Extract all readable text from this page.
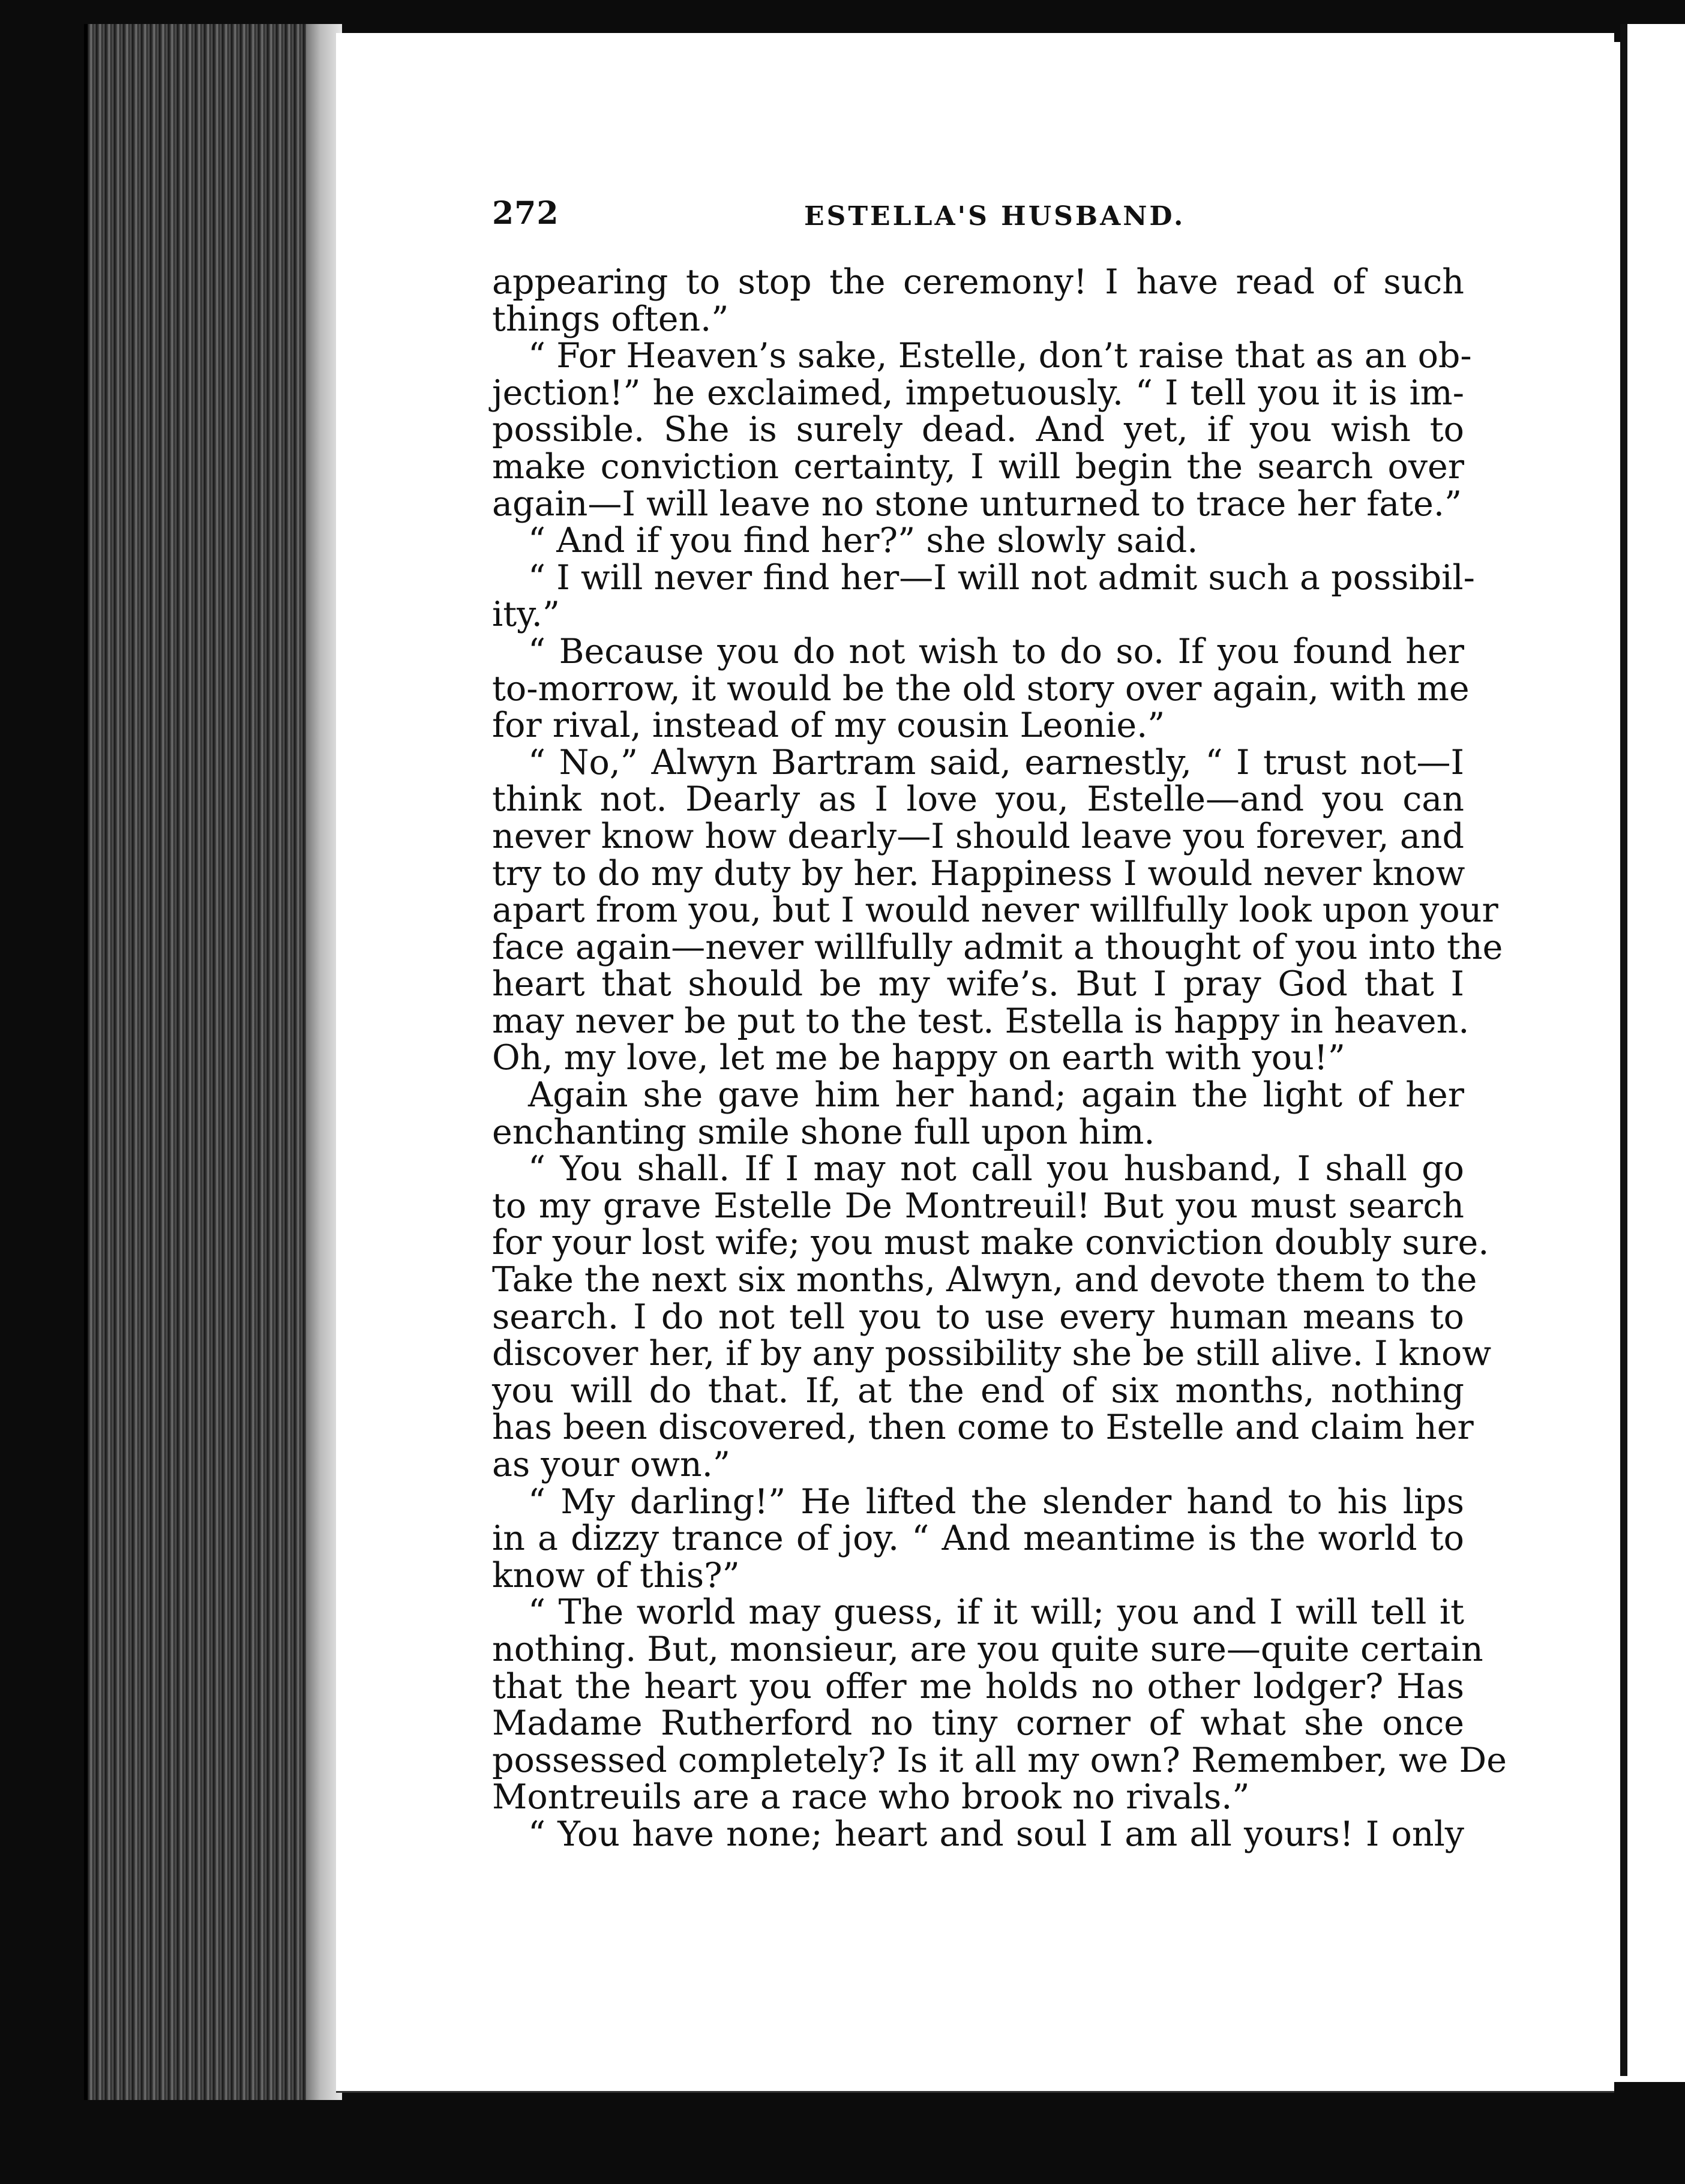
272	ESTELLA'S HUSBAND.
appearing to stop the ceremony! I have read of such
things often.”
“ For Heaven’s sake, Estelle, don’t raise that as an ob-
jection!” he exclaimed, impetuously. “ I tell you it is im-
possible. She is surely dead. And yet, if you wish to
make conviction certainty, I will begin the search over
again—I will leave no stone unturned to trace her fate.”
“ And if you find her?” she slowly said.
“ I will never find her—I will not admit such a possibil-
ity.”
“ Because you do not wish to do so. If you found her
to-morrow, it would be the old story over again, with me
for rival, instead of my cousin Leonie.”
“ No,” Alwyn Bartram said, earnestly, “ I trust not—I
think not. Dearly as I love you, Estelle—and you can
never know how dearly—I should leave you forever, and
try to do my duty by her. Happiness I would never know
apart from you, but I would never willfully look upon your
face again—never willfully admit a thought of you into the
heart that should be my wife’s. But I pray God that I
may never be put to the test. Estella is happy in heaven.
Oh, my love, let me be happy on earth with you!”
Again she gave him her hand; again the light of her
enchanting smile shone full upon him.
“ You shall. If I may not call you husband, I shall go
to my grave Estelle De Montreuil! But you must search
for your lost wife; you must make conviction doubly sure.
Take the next six months, Alwyn, and devote them to the
search. I do not tell you to use every human means to
discover her, if by any possibility she be still alive. I know
you will do that. If, at the end of six months, nothing
has been discovered, then come to Estelle and claim her
as your own.”
“ My darling!” He lifted the slender hand to his lips
in a dizzy trance of joy. “ And meantime is the world to
know of this?”
“ The world may guess, if it will; you and I will tell it
nothing. But, monsieur, are you quite sure—quite certain
that the heart you offer me holds no other lodger? Has
Madame Rutherford no tiny corner of what she once
possessed completely? Is it all my own? Remember, we De
Montreuils are a race who brook no rivals.”
“ You have none; heart and soul I am all yours! I only
